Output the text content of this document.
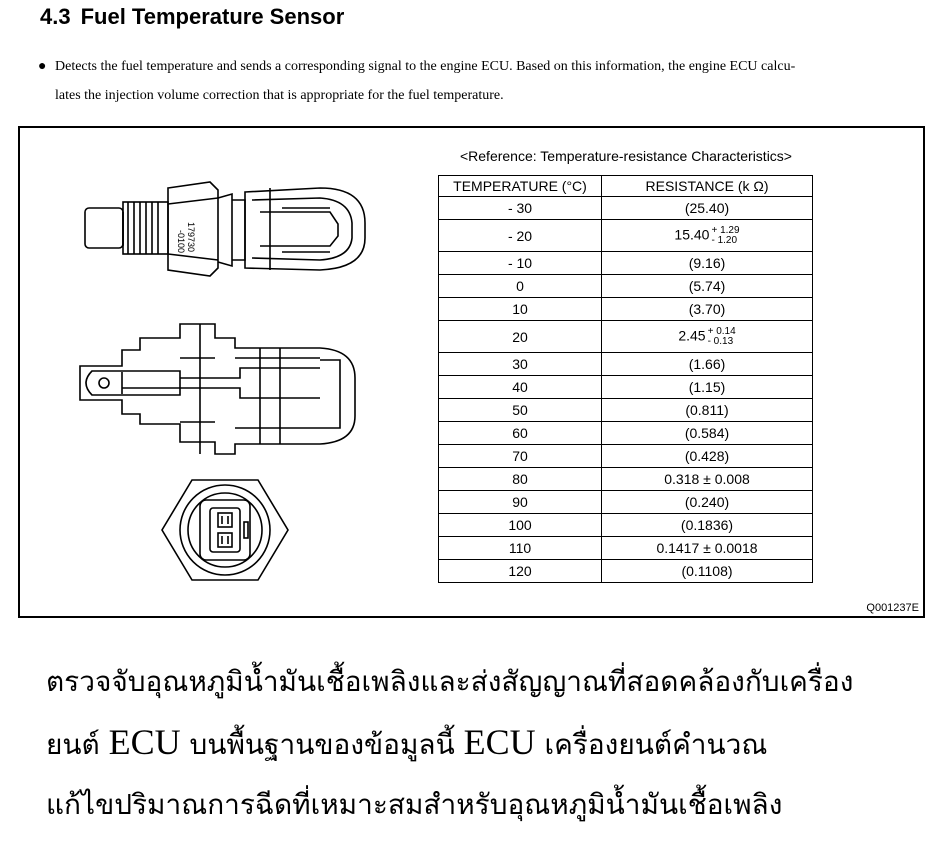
4.3 Fuel Temperature Sensor
● Detects the fuel temperature and sends a corresponding signal to the engine ECU. Based on this information, the engine ECU calcu-
lates the injection volume correction that is appropriate for the fuel temperature.
179730
-0100
<Reference: Temperature-resistance Characteristics>
TEMPERATURE (°C)	RESISTANCE (k Ω)
- 30	(25.40)
- 20	15.40 + 1.29
- 1.20

- 10	(9.16)
0	(5.74)
10	(3.70)
20	2.45 + 0.14
- 0.13

30	(1.66)
40	(1.15)
50	(0.811)
60	(0.584)
70	(0.428)
80	0.318 ± 0.008
90	(0.240)
100	(0.1836)
110	0.1417 ± 0.0018
120	(0.1108)
Q001237E
ตรวจจับอุณหภูมิน้ำมันเชื้อเพลิงและส่งสัญญาณที่สอดคล้องกับเครื่อง
ยนต์ ECU บนพื้นฐานของข้อมูลนี้ ECU เครื่องยนต์คำนวณ
แก้ไขปริมาณการฉีดที่เหมาะสมสำหรับอุณหภูมิน้ำมันเชื้อเพลิง
